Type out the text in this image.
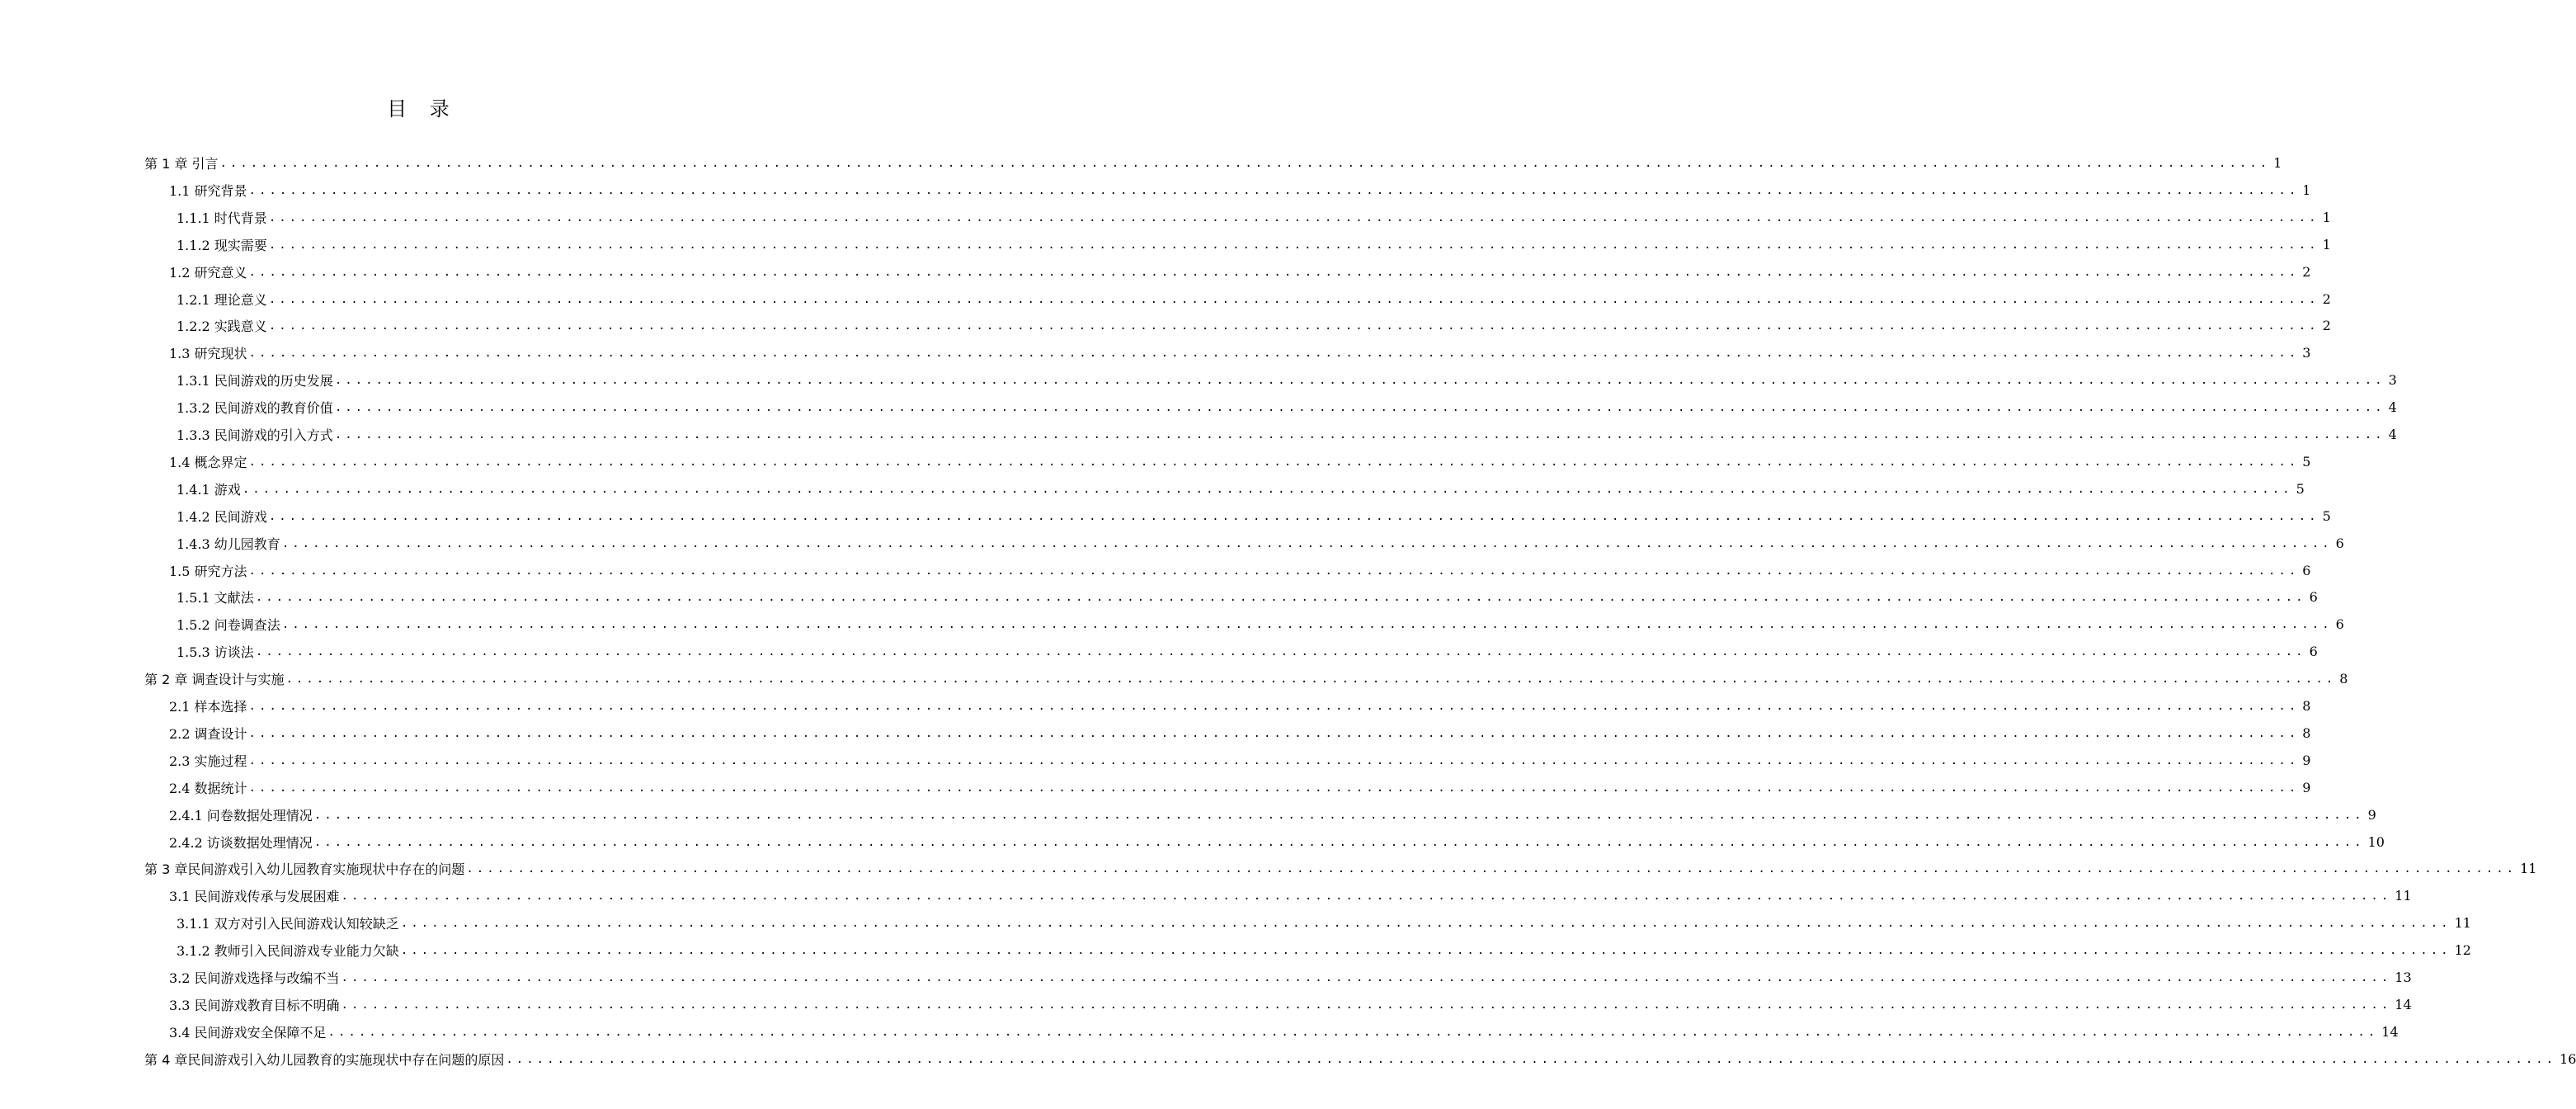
目 录
第 1 章 引言 ........................................................................................................................................................................................................ 1
1.1 研究背景 ........................................................................................................................................................................................................ 1
1.1.1 时代背景 ........................................................................................................................................................................................................ 1
1.1.2 现实需要 ........................................................................................................................................................................................................ 1
1.2 研究意义 ........................................................................................................................................................................................................ 2
1.2.1 理论意义 ........................................................................................................................................................................................................ 2
1.2.2 实践意义 ........................................................................................................................................................................................................ 2
1.3 研究现状 ........................................................................................................................................................................................................ 3
1.3.1 民间游戏的历史发展 ........................................................................................................................................................................................................ 3
1.3.2 民间游戏的教育价值 ........................................................................................................................................................................................................ 4
1.3.3 民间游戏的引入方式 ........................................................................................................................................................................................................ 4
1.4 概念界定 ........................................................................................................................................................................................................ 5
1.4.1 游戏 ........................................................................................................................................................................................................ 5
1.4.2 民间游戏 ........................................................................................................................................................................................................ 5
1.4.3 幼儿园教育 ........................................................................................................................................................................................................ 6
1.5 研究方法 ........................................................................................................................................................................................................ 6
1.5.1 文献法 ........................................................................................................................................................................................................ 6
1.5.2 问卷调查法 ........................................................................................................................................................................................................ 6
1.5.3 访谈法 ........................................................................................................................................................................................................ 6
第 2 章 调查设计与实施 ........................................................................................................................................................................................................ 8
2.1 样本选择 ........................................................................................................................................................................................................ 8
2.2 调查设计 ........................................................................................................................................................................................................ 8
2.3 实施过程 ........................................................................................................................................................................................................ 9
2.4 数据统计 ........................................................................................................................................................................................................ 9
2.4.1 问卷数据处理情况 ........................................................................................................................................................................................................ 9
2.4.2 访谈数据处理情况 ........................................................................................................................................................................................................ 10
第 3 章民间游戏引入幼儿园教育实施现状中存在的问题 ........................................................................................................................................................................................................ 11
3.1 民间游戏传承与发展困难 ........................................................................................................................................................................................................ 11
3.1.1 双方对引入民间游戏认知较缺乏 ........................................................................................................................................................................................................ 11
3.1.2 教师引入民间游戏专业能力欠缺 ........................................................................................................................................................................................................ 12
3.2 民间游戏选择与改编不当 ........................................................................................................................................................................................................ 13
3.3 民间游戏教育目标不明确 ........................................................................................................................................................................................................ 14
3.4 民间游戏安全保障不足 ........................................................................................................................................................................................................ 14
第 4 章民间游戏引入幼儿园教育的实施现状中存在问题的原因 ........................................................................................................................................................................................................ 16
